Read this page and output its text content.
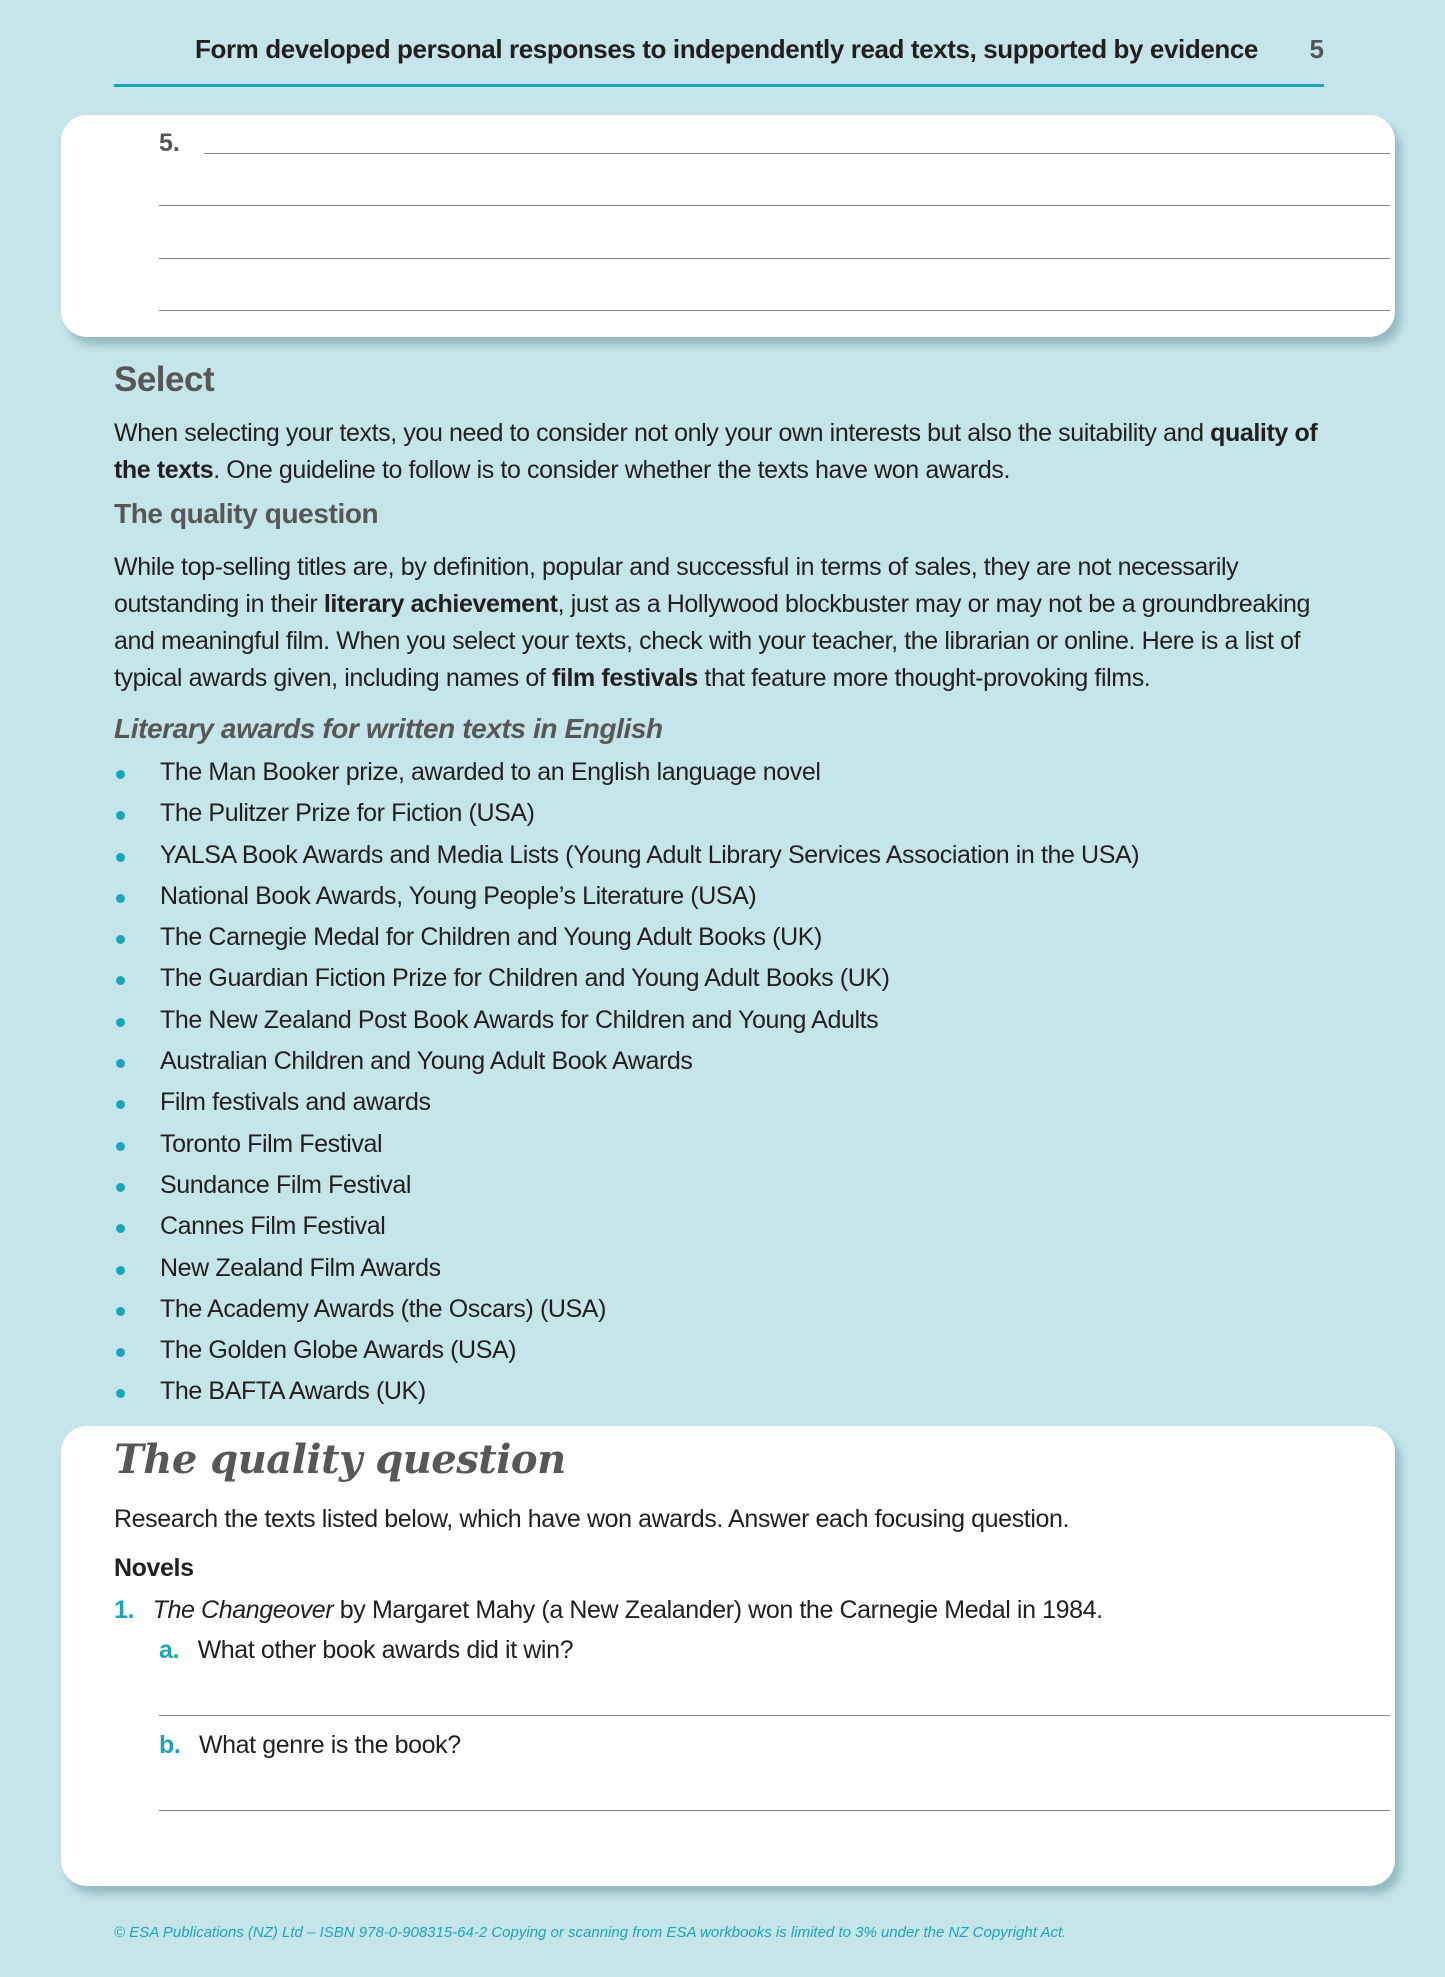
Form developed personal responses to independently read texts, supported by evidence 5
5.
Select
When selecting your texts, you need to consider not only your own interests but also the suitability and quality of the texts. One guideline to follow is to consider whether the texts have won awards.
The quality question
While top-selling titles are, by definition, popular and successful in terms of sales, they are not necessarily outstanding in their literary achievement, just as a Hollywood blockbuster may or may not be a groundbreaking and meaningful film. When you select your texts, check with your teacher, the librarian or online. Here is a list of typical awards given, including names of film festivals that feature more thought-provoking films.
Literary awards for written texts in English
The Man Booker prize, awarded to an English language novel
The Pulitzer Prize for Fiction (USA)
YALSA Book Awards and Media Lists (Young Adult Library Services Association in the USA)
National Book Awards, Young People’s Literature (USA)
The Carnegie Medal for Children and Young Adult Books (UK)
The Guardian Fiction Prize for Children and Young Adult Books (UK)
The New Zealand Post Book Awards for Children and Young Adults
Australian Children and Young Adult Book Awards
Film festivals and awards
Toronto Film Festival
Sundance Film Festival
Cannes Film Festival
New Zealand Film Awards
The Academy Awards (the Oscars) (USA)
The Golden Globe Awards (USA)
The BAFTA Awards (UK)
The quality question
Research the texts listed below, which have won awards. Answer each focusing question.
Novels
1. The Changeover by Margaret Mahy (a New Zealander) won the Carnegie Medal in 1984.
a. What other book awards did it win?
b. What genre is the book?
© ESA Publications (NZ) Ltd – ISBN 978-0-908315-64-2 Copying or scanning from ESA workbooks is limited to 3% under the NZ Copyright Act.
